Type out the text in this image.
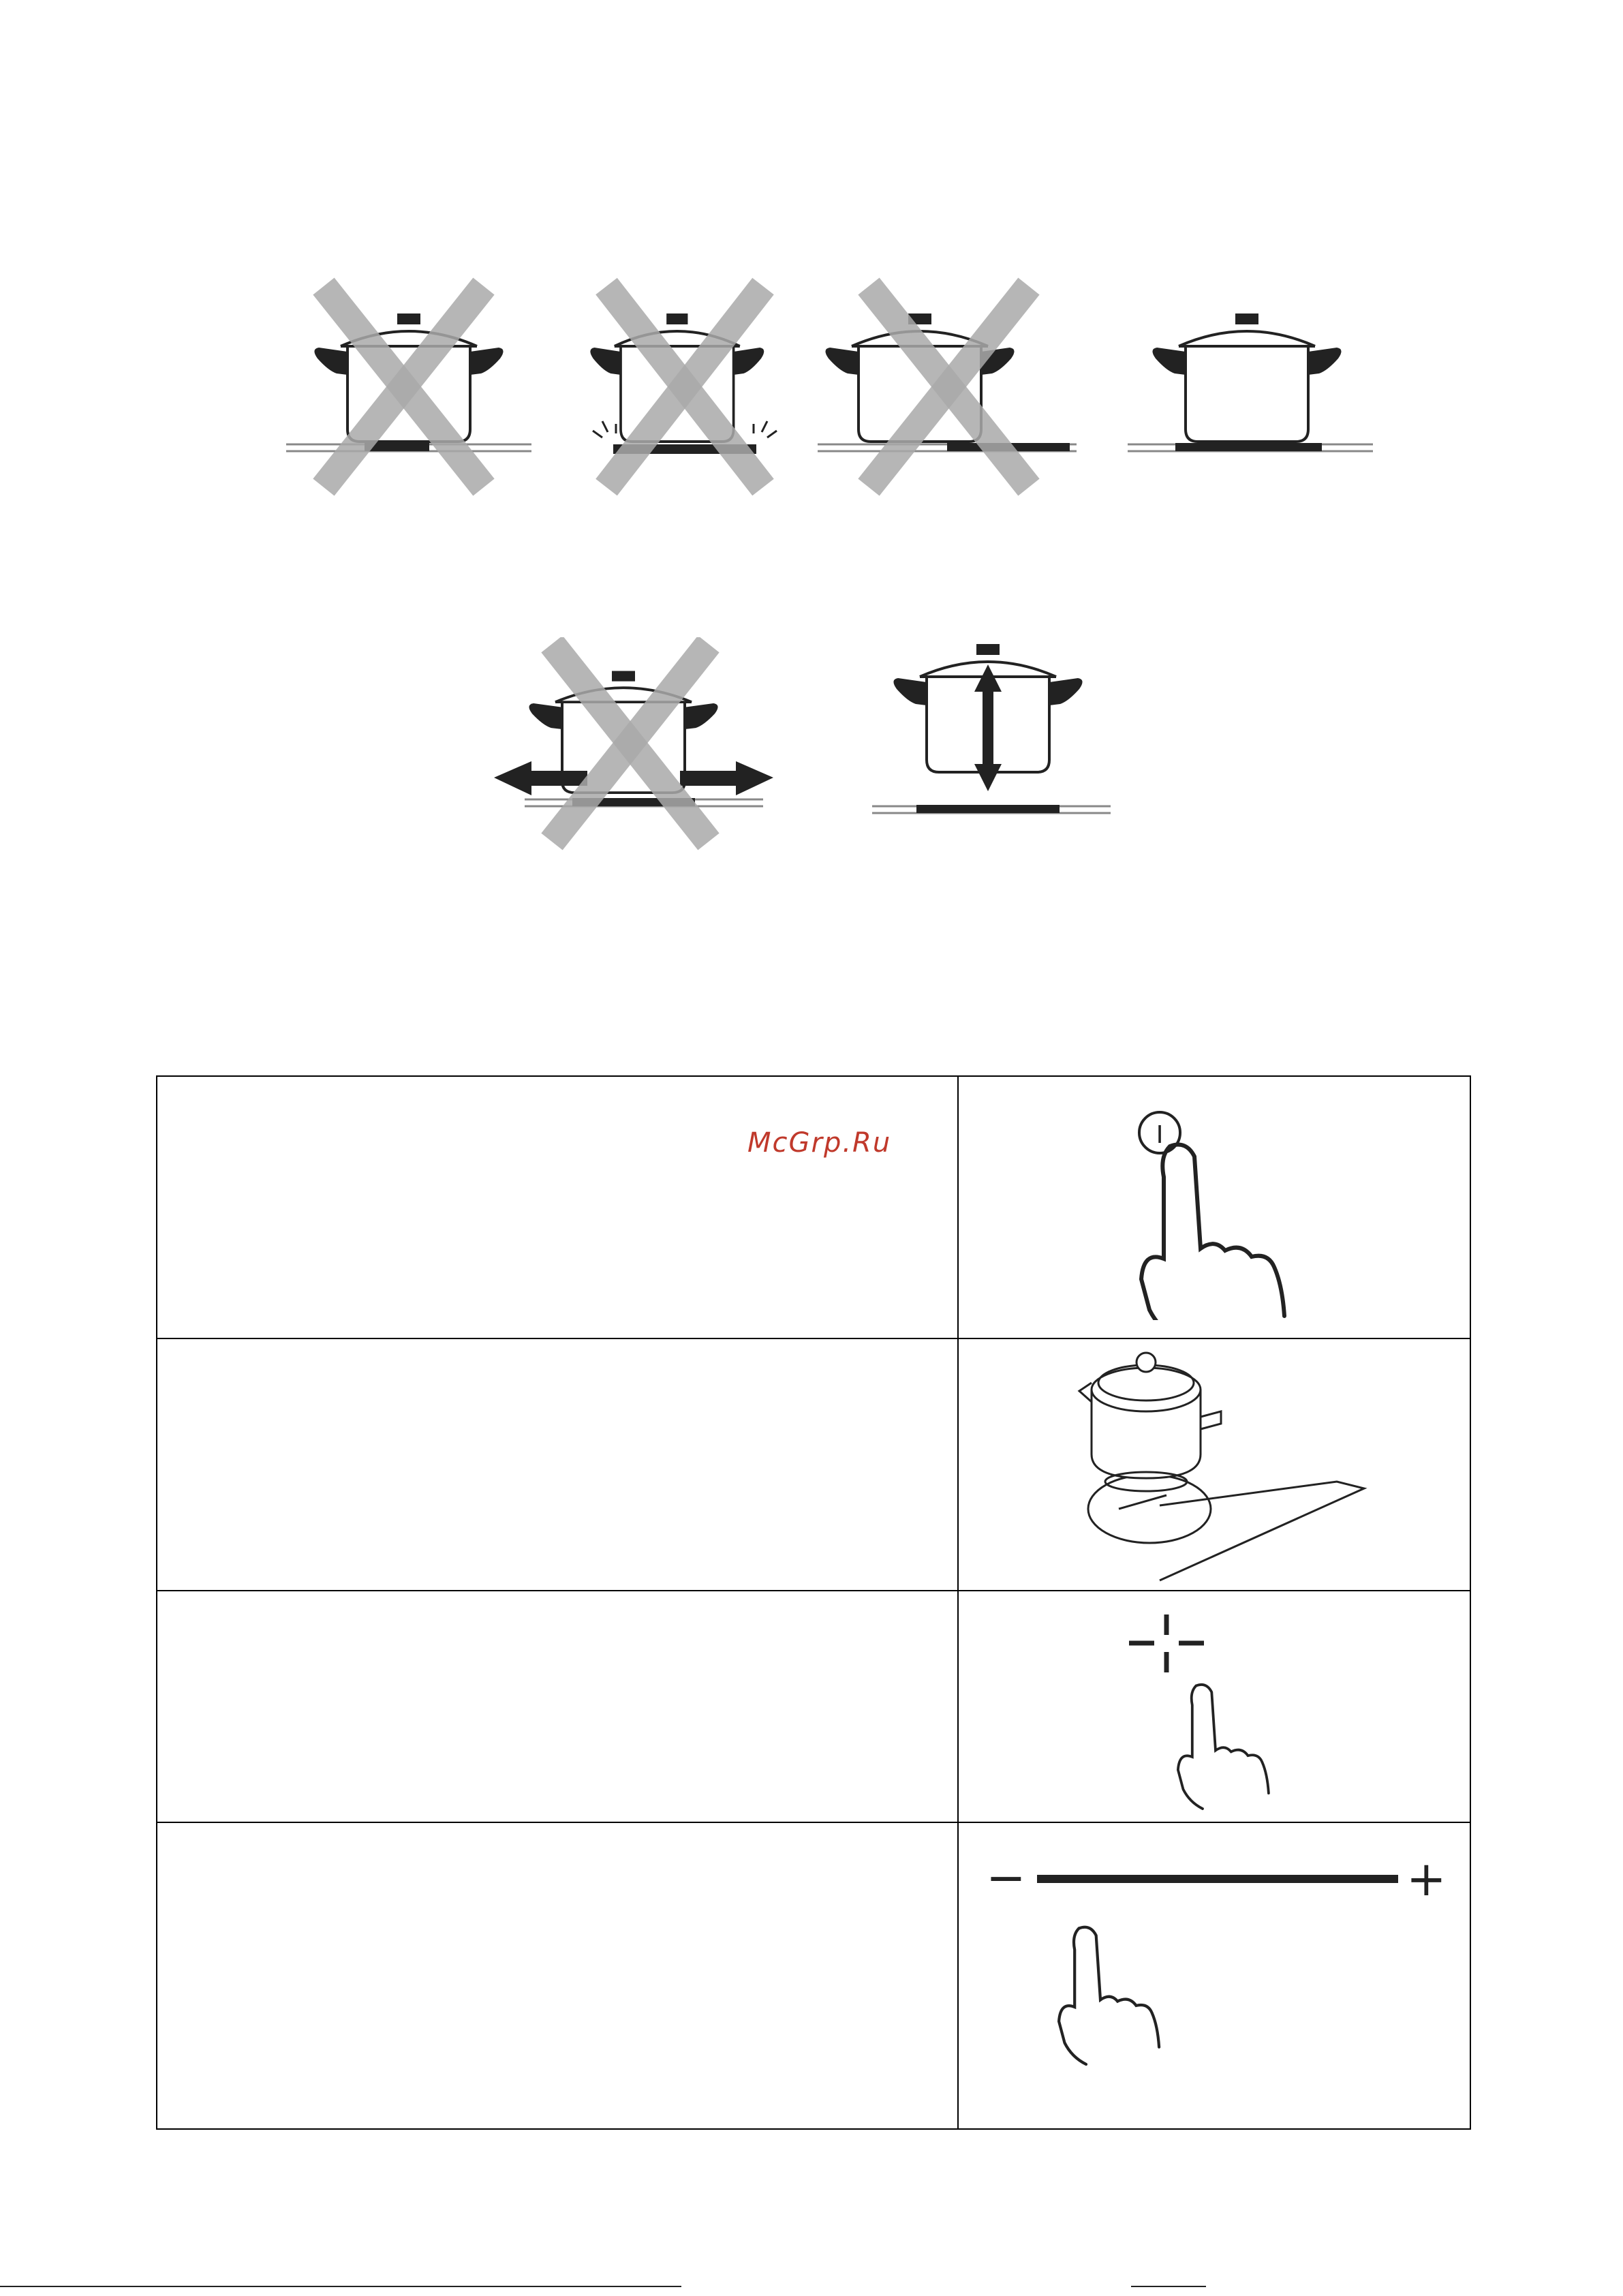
McGrp.Ru	I

− +
